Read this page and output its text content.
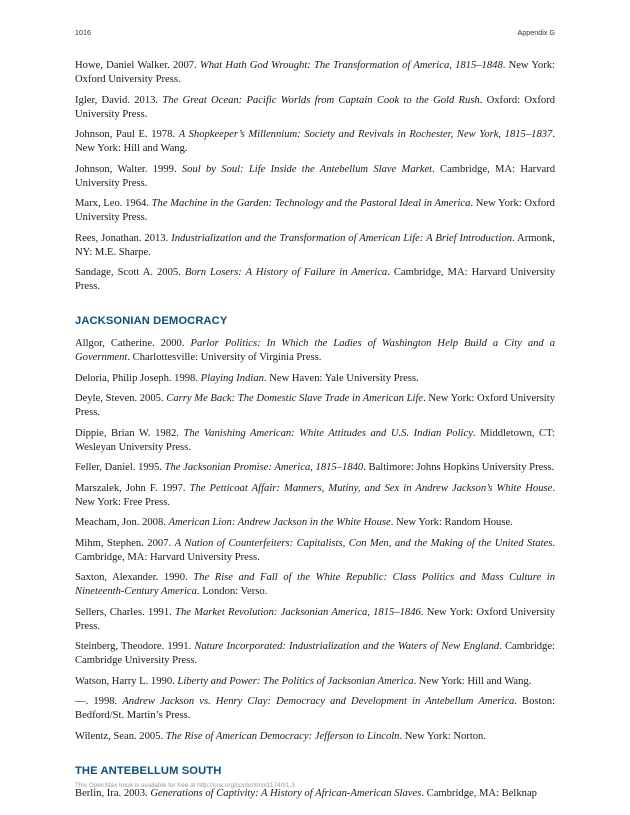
1016	Appendix G

Howe, Daniel Walker. 2007. What Hath God Wrought: The Transformation of America, 1815–1848. New York: Oxford University Press.

Igler, David. 2013. The Great Ocean: Pacific Worlds from Captain Cook to the Gold Rush. Oxford: Oxford University Press.

Johnson, Paul E. 1978. A Shopkeeper’s Millennium: Society and Revivals in Rochester, New York, 1815–1837. New York: Hill and Wang.

Johnson, Walter. 1999. Soul by Soul: Life Inside the Antebellum Slave Market. Cambridge, MA: Harvard University Press.

Marx, Leo. 1964. The Machine in the Garden: Technology and the Pastoral Ideal in America. New York: Oxford University Press.

Rees, Jonathan. 2013. Industrialization and the Transformation of American Life: A Brief Introduction. Armonk, NY: M.E. Sharpe.

Sandage, Scott A. 2005. Born Losers: A History of Failure in America. Cambridge, MA: Harvard University Press.

JACKSONIAN DEMOCRACY

Allgor, Catherine. 2000. Parlor Politics: In Which the Ladies of Washington Help Build a City and a Government. Charlottesville: University of Virginia Press.

Deloria, Philip Joseph. 1998. Playing Indian. New Haven: Yale University Press.

Deyle, Steven. 2005. Carry Me Back: The Domestic Slave Trade in American Life. New York: Oxford University Press.

Dippie, Brian W. 1982. The Vanishing American: White Attitudes and U.S. Indian Policy. Middletown, CT: Wesleyan University Press.

Feller, Daniel. 1995. The Jacksonian Promise: America, 1815–1840. Baltimore: Johns Hopkins University Press.

Marszalek, John F. 1997. The Petticoat Affair: Manners, Mutiny, and Sex in Andrew Jackson’s White House. New York: Free Press.

Meacham, Jon. 2008. American Lion: Andrew Jackson in the White House. New York: Random House.

Mihm, Stephen. 2007. A Nation of Counterfeiters: Capitalists, Con Men, and the Making of the United States. Cambridge, MA: Harvard University Press.

Saxton, Alexander. 1990. The Rise and Fall of the White Republic: Class Politics and Mass Culture in Nineteenth-Century America. London: Verso.

Sellers, Charles. 1991. The Market Revolution: Jacksonian America, 1815–1846. New York: Oxford University Press.

Steinberg, Theodore. 1991. Nature Incorporated: Industrialization and the Waters of New England. Cambridge: Cambridge University Press.

Watson, Harry L. 1990. Liberty and Power: The Politics of Jacksonian America. New York: Hill and Wang.

—. 1998. Andrew Jackson vs. Henry Clay: Democracy and Development in Antebellum America. Boston: Bedford/St. Martin’s Press.

Wilentz, Sean. 2005. The Rise of American Democracy: Jefferson to Lincoln. New York: Norton.

THE ANTEBELLUM SOUTH

Berlin, Ira. 2003. Generations of Captivity: A History of African-American Slaves. Cambridge, MA: Belknap

This OpenStax book is available for free at http://cnx.org/content/col11740/1.3
